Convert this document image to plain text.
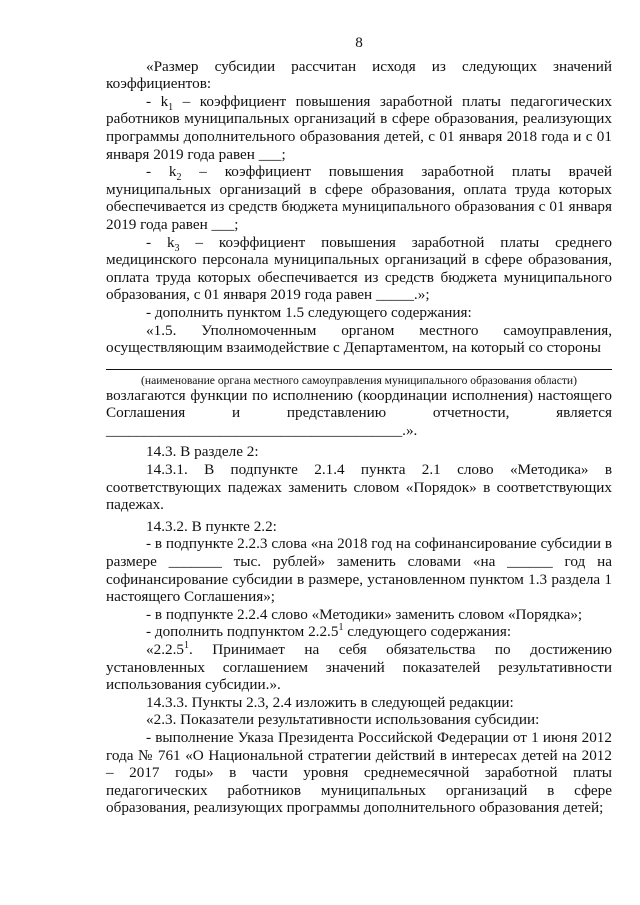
8

«Размер субсидии рассчитан исходя из следующих значений коэффициентов:

- $k_1$ – коэффициент повышения заработной платы педагогических работников муниципальных организаций в сфере образования, реализующих программы дополнительного образования детей, с 01 января 2018 года и с 01 января 2019 года равен ___;

- $k_2$ – коэффициент повышения заработной платы врачей муниципальных организаций в сфере образования, оплата труда которых обеспечивается из средств бюджета муниципального образования с 01 января 2019 года равен ___;

- $k_3$ – коэффициент повышения заработной платы среднего медицинского персонала муниципальных организаций в сфере образования, оплата труда которых обеспечивается из средств бюджета муниципального образования, с 01 января 2019 года равен _____.»;

- дополнить пунктом 1.5 следующего содержания:

«1.5. Уполномоченным органом местного самоуправления, осуществляющим взаимодействие с Департаментом, на который со стороны

(наименование органа местного самоуправления муниципального образования области)

возлагаются функции по исполнению (координации исполнения) настоящего Соглашения и представлению отчетности, является _______________________________________.».

14.3. В разделе 2:

14.3.1. В подпункте 2.1.4 пункта 2.1 слово «Методика» в соответствующих падежах заменить словом «Порядок» в соответствующих падежах.

14.3.2. В пункте 2.2:

- в подпункте 2.2.3 слова «на 2018 год на софинансирование субсидии в размере _______ тыс. рублей» заменить словами «на ______ год на софинансирование субсидии в размере, установленном пунктом 1.3 раздела 1 настоящего Соглашения»;

- в подпункте 2.2.4 слово «Методики» заменить словом «Порядка»;

- дополнить подпунктом 2.2.5$^1$ следующего содержания:

«2.2.5$^1$. Принимает на себя обязательства по достижению установленных соглашением значений показателей результативности использования субсидии.».

14.3.3. Пункты 2.3, 2.4 изложить в следующей редакции:

«2.3. Показатели результативности использования субсидии:

- выполнение Указа Президента Российской Федерации от 1 июня 2012 года № 761 «О Национальной стратегии действий в интересах детей на 2012 – 2017 годы» в части уровня среднемесячной заработной платы педагогических работников муниципальных организаций в сфере образования, реализующих программы дополнительного образования детей;
